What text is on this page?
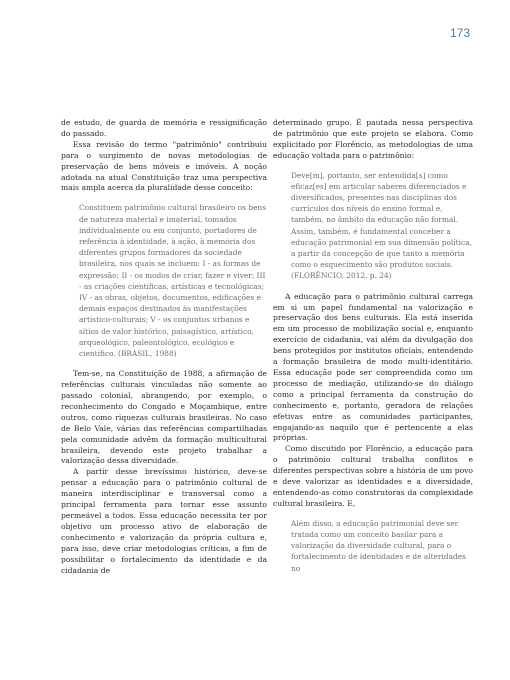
173

de estudo, de guarda de memória e ressignificação do passado.

Essa revisão do termo "patrimônio" contribuiu para o surgimento de novas metodologias de preservação de bens móveis e imóveis. A noção adotada na atual Constituição traz uma perspectiva mais ampla acerca da pluralidade desse conceito:

Constituem patrimônio cultural brasileiro os bens de natureza material e imaterial, tomados individualmente ou em conjunto, portadores de referência à identidade, à ação, à memória dos diferentes grupos formadores da sociedade brasileira, nos quais se incluem: I - as formas de expressão; II - os modos de criar, fazer e viver; III - as criações científicas, artísticas e tecnológicas; IV - as obras, objetos, documentos, edificações e demais espaços destinados às manifestações artístico-culturais; V - os conjuntos urbanos e sítios de valor histórico, paisagístico, artístico, arqueológico, paleontológico, ecológico e científico. (BRASIL, 1988)

Tem-se, na Constituição de 1988, a afirmação de referências culturais vinculadas não somente ao passado colonial, abrangendo, por exemplo, o reconhecimento do Congado e Moçambique, entre outros, como riquezas culturais brasileiras. No caso de Belo Vale, várias das referências compartilhadas pela comunidade advêm da formação multicultural brasileira, devendo este projeto trabalhar a valorização dessa diversidade.

A partir desse brevíssimo histórico, deve-se pensar a educação para o patrimônio cultural de maneira interdisciplinar e transversal como a principal ferramenta para tornar esse assunto permeável a todos. Essa educação necessita ter por objetivo um processo ativo de elaboração de conhecimento e valorização da própria cultura e, para isso, deve criar metodologias críticas, a fim de possibilitar o fortalecimento da identidade e da cidadania de

determinado grupo. É pautada nessa perspectiva de patrimônio que este projeto se elabora. Como explicitado por Florêncio, as metodologias de uma educação voltada para o patrimônio:

Deve[m], portanto, ser entendida[s] como eficaz[es] em articular saberes diferenciados e diversificados, presentes nas disciplinas dos currículos dos níveis do ensino formal e, também, no âmbito da educação não formal. Assim, também, é fundamental conceber a educação patrimonial em sua dimensão política, a partir da concepção de que tanto a memória como o esquecimento são produtos sociais. (FLORÊNCIO, 2012. p. 24)

A educação para o patrimônio cultural carrega em si um papel fundamental na valorização e preservação dos bens culturais. Ela está inserida em um processo de mobilização social e, enquanto exercício de cidadania, vai além da divulgação dos bens protegidos por institutos oficiais, entendendo a formação brasileira de modo multi-identitário. Essa educação pode ser compreendida como um processo de mediação, utilizando-se do diálogo como a principal ferramenta da construção do conhecimento e, portanto, geradora de relações efetivas entre as comunidades participantes, engajando-as naquilo que é pertencente a elas próprias.

Como discutido por Florêncio, a educação para o patrimônio cultural trabalha conflitos e diferentes perspectivas sobre a história de um povo e deve valorizar as identidades e a diversidade, entendendo-as como construtoras da complexidade cultural brasileira. E,

Além disso, a educação patrimonial deve ser tratada como um conceito basilar para a valorização da diversidade cultural, para o fortalecimento de identidades e de alteridades no
